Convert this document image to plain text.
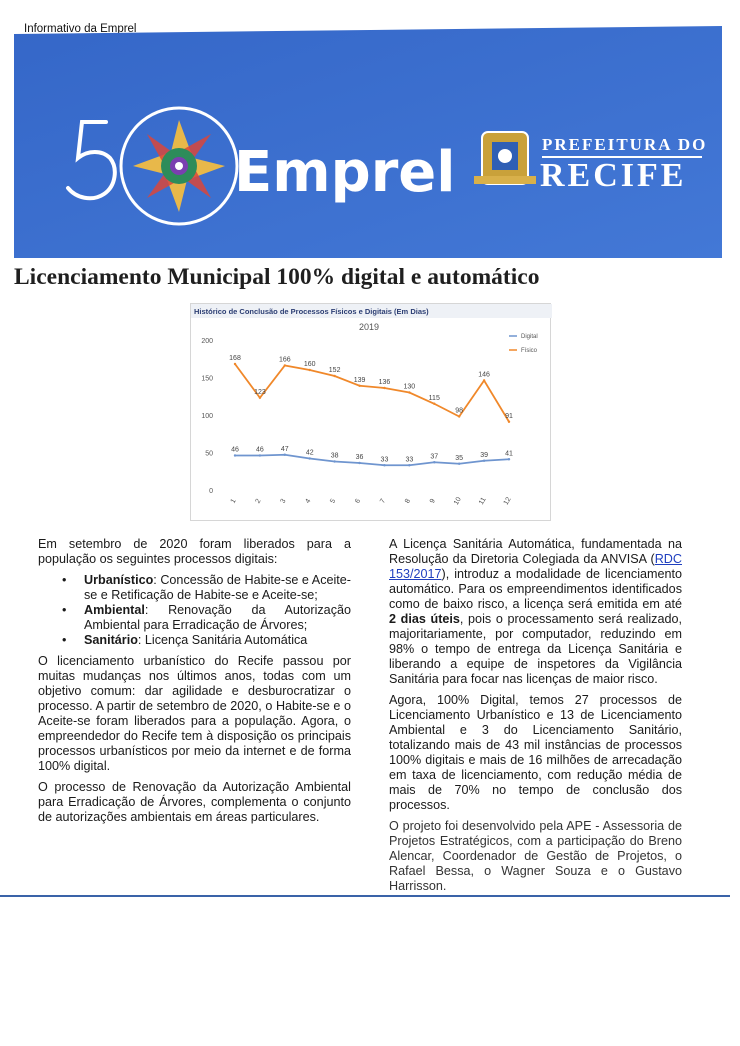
Informativo da Emprel
Emprel	PREFEITURA DO
RECIFE
Licenciamento Municipal 100% digital e automático
Histórico de Conclusão de Processos Físicos e Digitais (Em Dias)
2019
0
50
100
150
200
1 2 3 4 5 6 7 8 9 10 11 12
46 46 47
42 38 36 33 33 37 35 39 41
Digital
168
123
166
160
152
139 136
130
115
98
146
91
Físico

Em setembro de 2020 foram liberados para a população os seguintes processos digitais:

• Urbanístico: Concessão de Habite-se e Aceite-se e Retificação de Habite-se e Aceite-se;
• Ambiental: Renovação da Autorização Ambiental para Erradicação de Árvores;
• Sanitário: Licença Sanitária Automática

O licenciamento urbanístico do Recife passou por muitas mudanças nos últimos anos, todas com um objetivo comum: dar agilidade e desburocratizar o processo. A partir de setembro de 2020, o Habite-se e o Aceite-se foram liberados para a população. Agora, o empreendedor do Recife tem à disposição os principais processos urbanísticos por meio da internet e de forma 100% digital.

O processo de Renovação da Autorização Ambiental para Erradicação de Árvores, complementa o conjunto de autorizações ambientais em áreas particulares.

A Licença Sanitária Automática, fundamentada na Resolução da Diretoria Colegiada da ANVISA (RDC 153/2017), introduz a modalidade de licenciamento automático. Para os empreendimentos identificados como de baixo risco, a licença será emitida em até 2 dias úteis, pois o processamento será realizado, majoritariamente, por computador, reduzindo em 98% o tempo de entrega da Licença Sanitária e liberando a equipe de inspetores da Vigilância Sanitária para focar nas licenças de maior risco.

Agora, 100% Digital, temos 27 processos de Licenciamento Urbanístico e 13 de Licenciamento Ambiental e 3 do Licenciamento Sanitário, totalizando mais de 43 mil instâncias de processos 100% digitais e mais de 16 milhões de arrecadação em taxa de licenciamento, com redução média de mais de 70% no tempo de conclusão dos processos.

O projeto foi desenvolvido pela APE - Assessoria de Projetos Estratégicos, com a participação do Breno Alencar, Coordenador de Gestão de Projetos, o Rafael Bessa, o Wagner Souza e o Gustavo Harrisson.
